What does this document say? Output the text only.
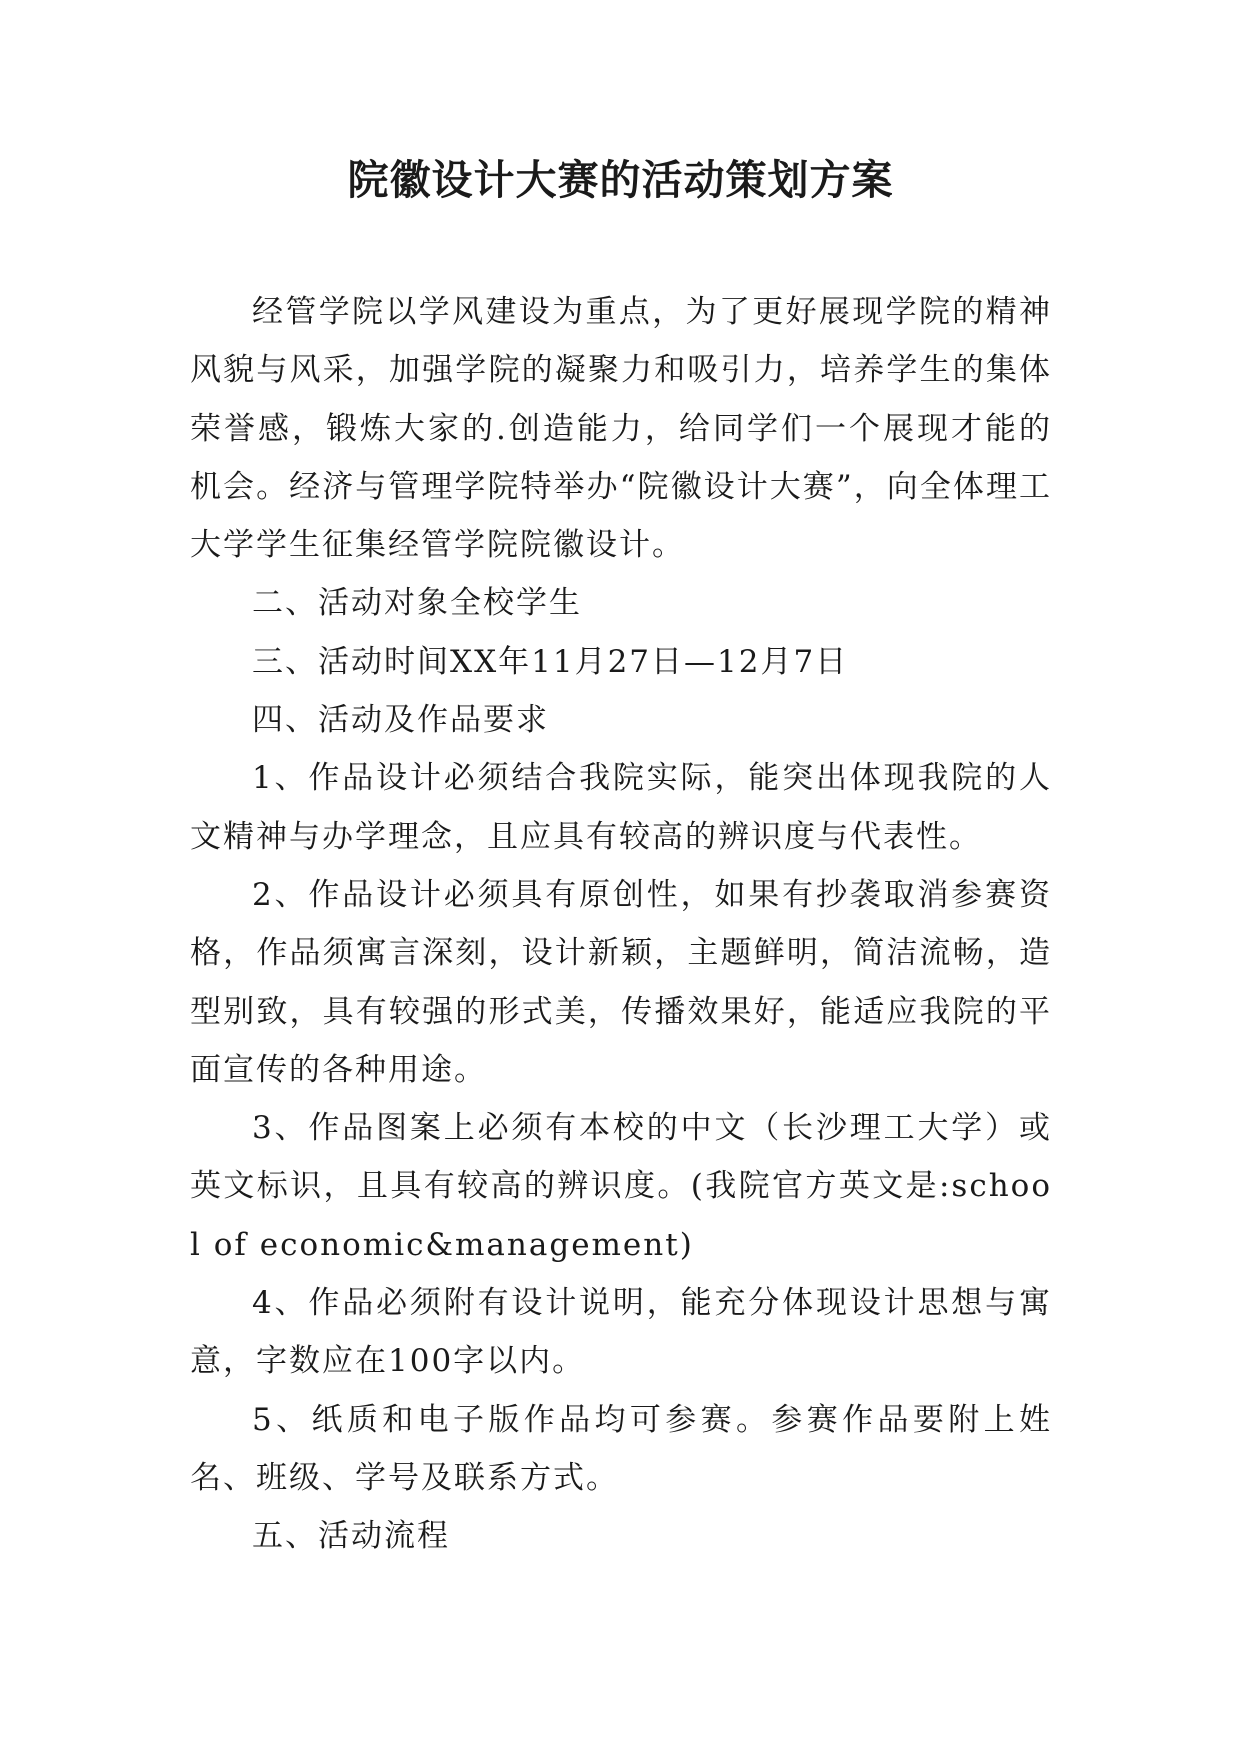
院徽设计大赛的活动策划方案

经管学院以学风建设为重点，为了更好展现学院的精神风貌与风采，加强学院的凝聚力和吸引力，培养学生的集体荣誉感，锻炼大家的.创造能力，给同学们一个展现才能的机会。经济与管理学院特举办“院徽设计大赛”，向全体理工大学学生征集经管学院院徽设计。

二、活动对象全校学生

三、活动时间XX年11月27日—12月7日

四、活动及作品要求

1、作品设计必须结合我院实际，能突出体现我院的人文精神与办学理念，且应具有较高的辨识度与代表性。

2、作品设计必须具有原创性，如果有抄袭取消参赛资格，作品须寓言深刻，设计新颖，主题鲜明，简洁流畅，造型别致，具有较强的形式美，传播效果好，能适应我院的平面宣传的各种用途。

3、作品图案上必须有本校的中文（长沙理工大学）或英文标识，且具有较高的辨识度。(我院官方英文是:school of economic&management)

4、作品必须附有设计说明，能充分体现设计思想与寓意，字数应在100字以内。

5、纸质和电子版作品均可参赛。参赛作品要附上姓名、班级、学号及联系方式。

五、活动流程
